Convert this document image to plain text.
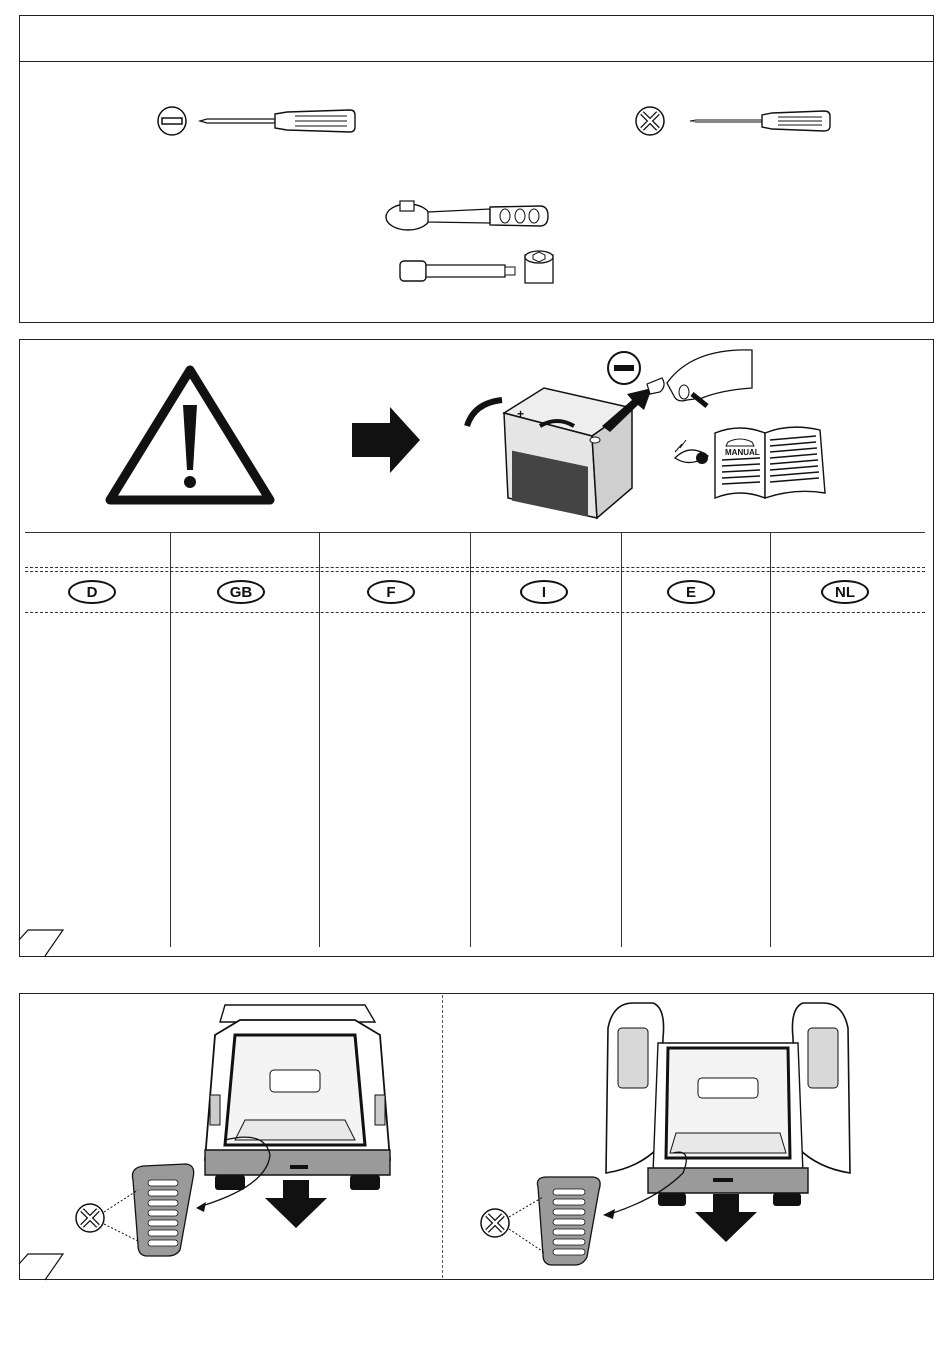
+
MANUAL
D	GB	F	I	E	NL
